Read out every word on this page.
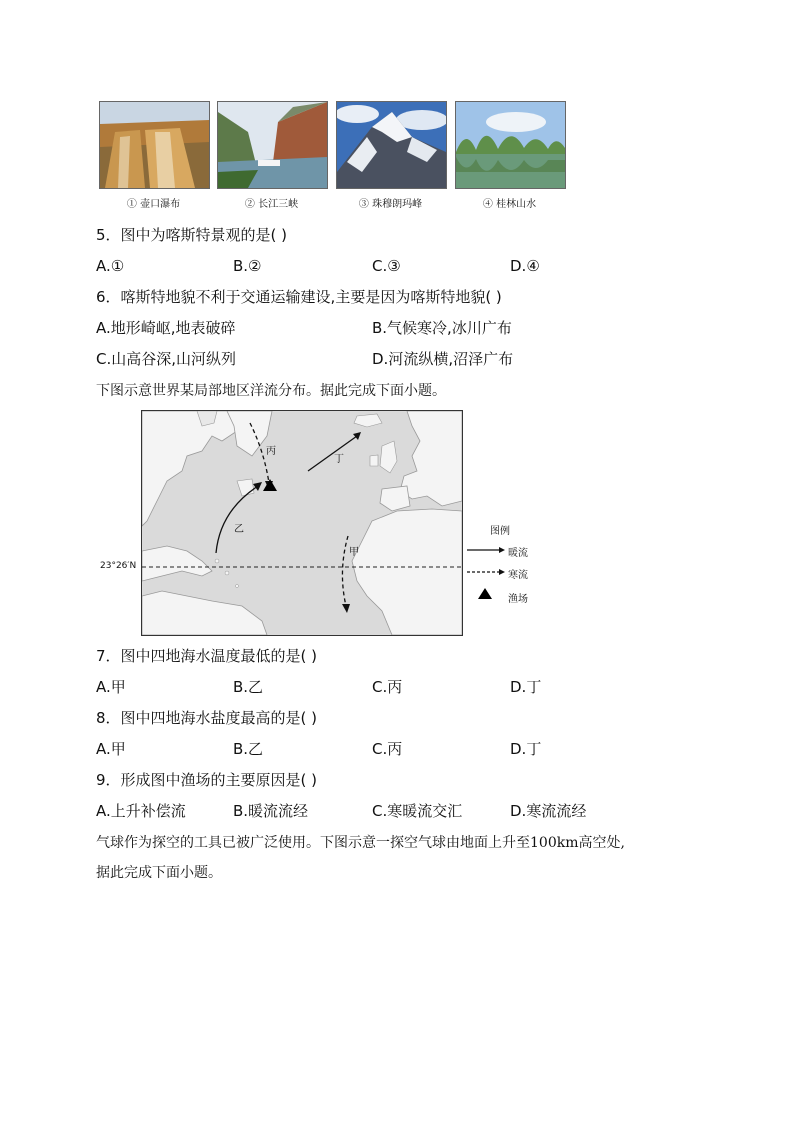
① 壶口瀑布	② 长江三峡	③ 珠穆朗玛峰	④ 桂林山水
5．图中为喀斯特景观的是( )
A.①	B.②	C.③	D.④
6．喀斯特地貌不利于交通运输建设,主要是因为喀斯特地貌( )
A.地形崎岖,地表破碎	B.气候寒冷,冰川广布
C.山高谷深,山河纵列	D.河流纵横,沼泽广布
下图示意世界某局部地区洋流分布。据此完成下面小题。
丙
丁
乙
甲
23°26′N
图例
暖流
寒流
渔场
7．图中四地海水温度最低的是( )
A.甲	B.乙	C.丙	D.丁
8．图中四地海水盐度最高的是( )
A.甲	B.乙	C.丙	D.丁
9．形成图中渔场的主要原因是( )
A.上升补偿流	B.暖流流经	C.寒暖流交汇	D.寒流流经
气球作为探空的工具已被广泛使用。下图示意一探空气球由地面上升至100km高空处,
据此完成下面小题。
